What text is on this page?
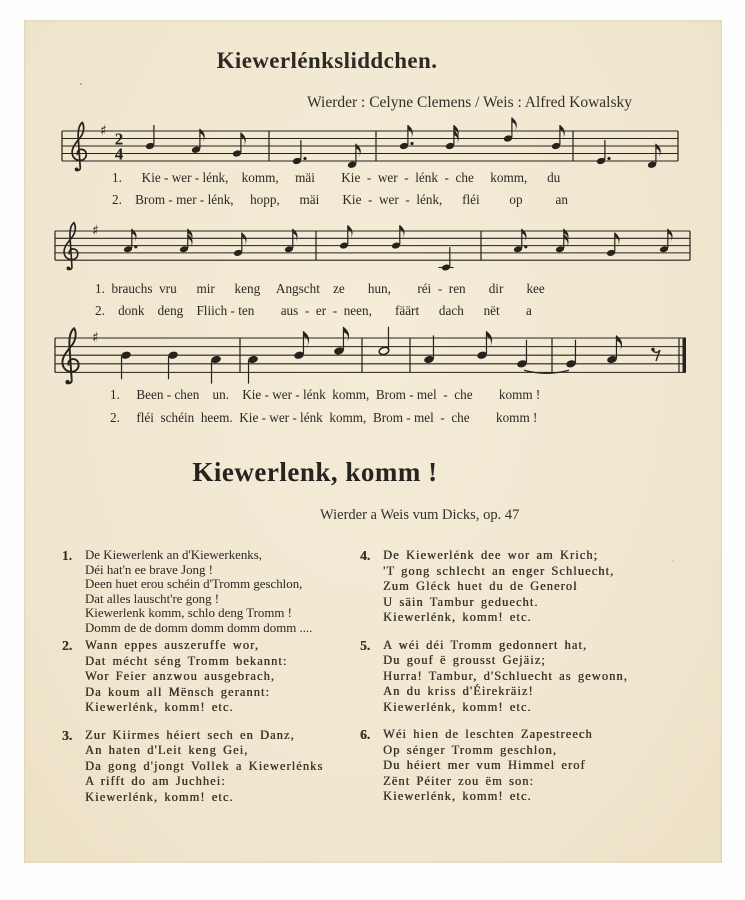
Kiewerlénksliddchen.
Wierder : Celyne Clemens / Weis : Alfred Kowalsky
♯ 2
4
♯
♯
1.      Kie - wer - lénk,    komm,     mäi        Kie  -  wer  -  lénk  -  che     komm,      du
2.    Brom - mer - lénk,     hopp,      mäi       Kie  -  wer  -  lénk,      fléi         op          an
1.  brauchs  vru      mir      keng     Angscht    ze       hun,        réi  -  ren       dir       kee
2.    donk    deng    Fliich - ten        aus  -  er  -  neen,       fäärt      dach      nët        a
1.     Been - chen    un.    Kie - wer - lénk  komm,  Brom - mel  -  che        komm !
2.     fléi  schéin  heem.  Kie - wer - lénk  komm,  Brom - mel  -  che        komm !
Kiewerlenk, komm !
Wierder a Weis vum Dicks, op. 47
1. De Kiewerlenk an d'Kiewerkenks,
Déi hat'n ee brave Jong !
Deen huet erou schéin d'Tromm geschlon,
Dat alles lauscht're gong !
Kiewerlenk komm, schlo deng Tromm !
Domm de de domm domm domm domm ....
2.	Wann eppes auszeruffe wor,
Dat mécht séng Tromm bekannt:
Wor Feier anzwou ausgebrach,
Da koum all Mënsch gerannt:
Kiewerlénk, komm! etc.
3.	Zur Kiirmes héiert sech en Danz,
An haten d'Leit keng Gei,
Da gong d'jongt Vollek a Kiewerlénks
A rifft do am Juchhei:
Kiewerlénk, komm! etc.
4.	De Kiewerlénk dee wor am Krich;
'T gong schlecht an enger Schluecht,
Zum Gléck huet du de Generol
U säin Tambur geduecht.
Kiewerlénk, komm! etc.
5.	A wéi déi Tromm gedonnert hat,
Du gouf ë grousst Gejäiz;
Hurra! Tambur, d'Schluecht as gewonn,
An du kriss d'Éirekräiz!
Kiewerlénk, komm! etc.
6.	Wéi hien de leschten Zapestreech
Op sénger Tromm geschlon,
Du héiert mer vum Himmel erof
Zënt Péiter zou ëm son:
Kiewerlénk, komm! etc.
